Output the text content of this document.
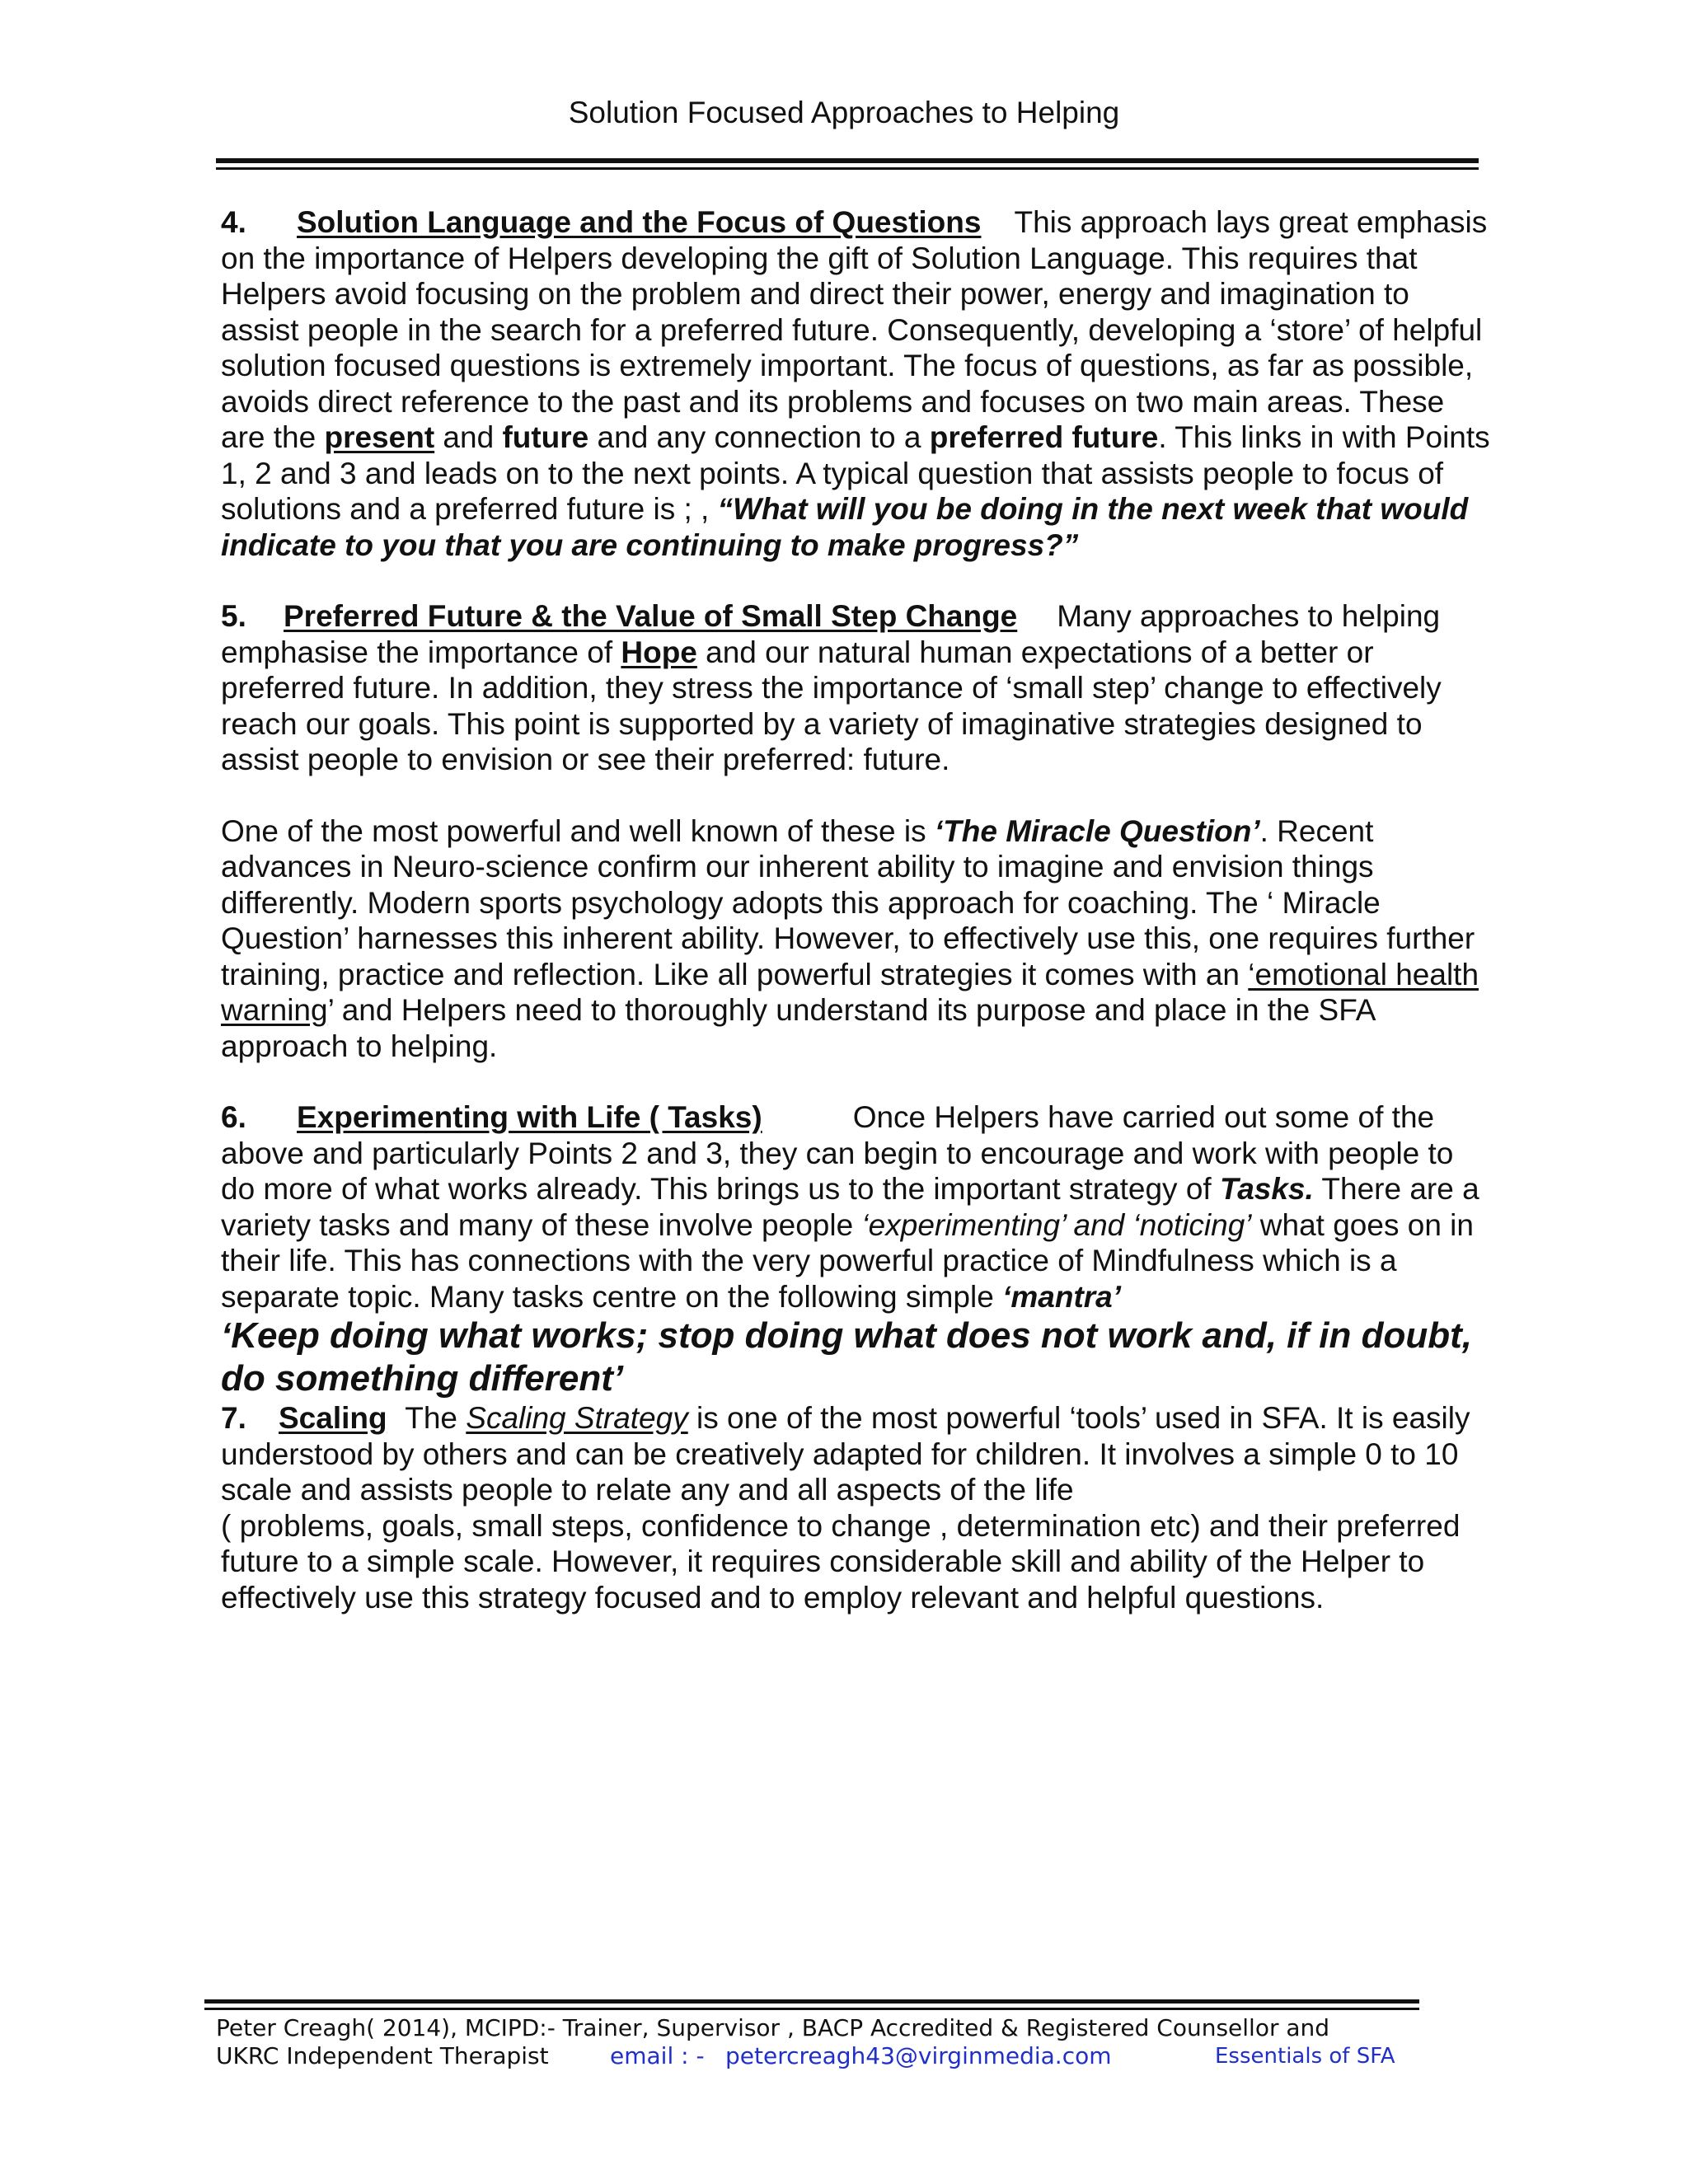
Solution Focused Approaches to Helping

4. Solution Language and the Focus of Questions This approach lays great emphasis on the importance of Helpers developing the gift of Solution Language. This requires that Helpers avoid focusing on the problem and direct their power, energy and imagination to assist people in the search for a preferred future. Consequently, developing a ‘store’ of helpful solution focused questions is extremely important. The focus of questions, as far as possible, avoids direct reference to the past and its problems and focuses on two main areas. These are the present and future and any connection to a preferred future. This links in with Points 1, 2 and 3 and leads on to the next points. A typical question that assists people to focus of solutions and a preferred future is ; , “What will you be doing in the next week that would indicate to you that you are continuing to make progress?”

5. Preferred Future & the Value of Small Step Change Many approaches to helping emphasise the importance of Hope and our natural human expectations of a better or preferred future. In addition, they stress the importance of ‘small step’ change to effectively reach our goals. This point is supported by a variety of imaginative strategies designed to assist people to envision or see their preferred: future.

One of the most powerful and well known of these is ‘The Miracle Question’. Recent advances in Neuro-science confirm our inherent ability to imagine and envision things differently. Modern sports psychology adopts this approach for coaching. The ‘ Miracle Question’ harnesses this inherent ability. However, to effectively use this, one requires further training, practice and reflection. Like all powerful strategies it comes with an ‘emotional health warning’ and Helpers need to thoroughly understand its purpose and place in the SFA approach to helping.

6. Experimenting with Life ( Tasks)	Once Helpers have carried out some of the above and particularly Points 2 and 3, they can begin to encourage and work with people to do more of what works already. This brings us to the important strategy of Tasks. There are a variety tasks and many of these involve people ‘experimenting’ and ‘noticing’ what goes on in their life. This has connections with the very powerful practice of Mindfulness which is a separate topic. Many tasks centre on the following simple ‘mantra’

‘Keep doing what works; stop doing what does not work and, if in doubt, do something different’

7. Scaling The Scaling Strategy is one of the most powerful ‘tools’ used in SFA. It is easily understood by others and can be creatively adapted for children. It involves a simple 0 to 10 scale and assists people to relate any and all aspects of the life
( problems, goals, small steps, confidence to change , determination etc) and their preferred future to a simple scale. However, it requires considerable skill and ability of the Helper to effectively use this strategy focused and to employ relevant and helpful questions.

Peter Creagh( 2014), MCIPD:- Trainer, Supervisor , BACP Accredited & Registered Counsellor and
UKRC Independent Therapist	email : - petercreagh43@virginmedia.com	Essentials of SFA
